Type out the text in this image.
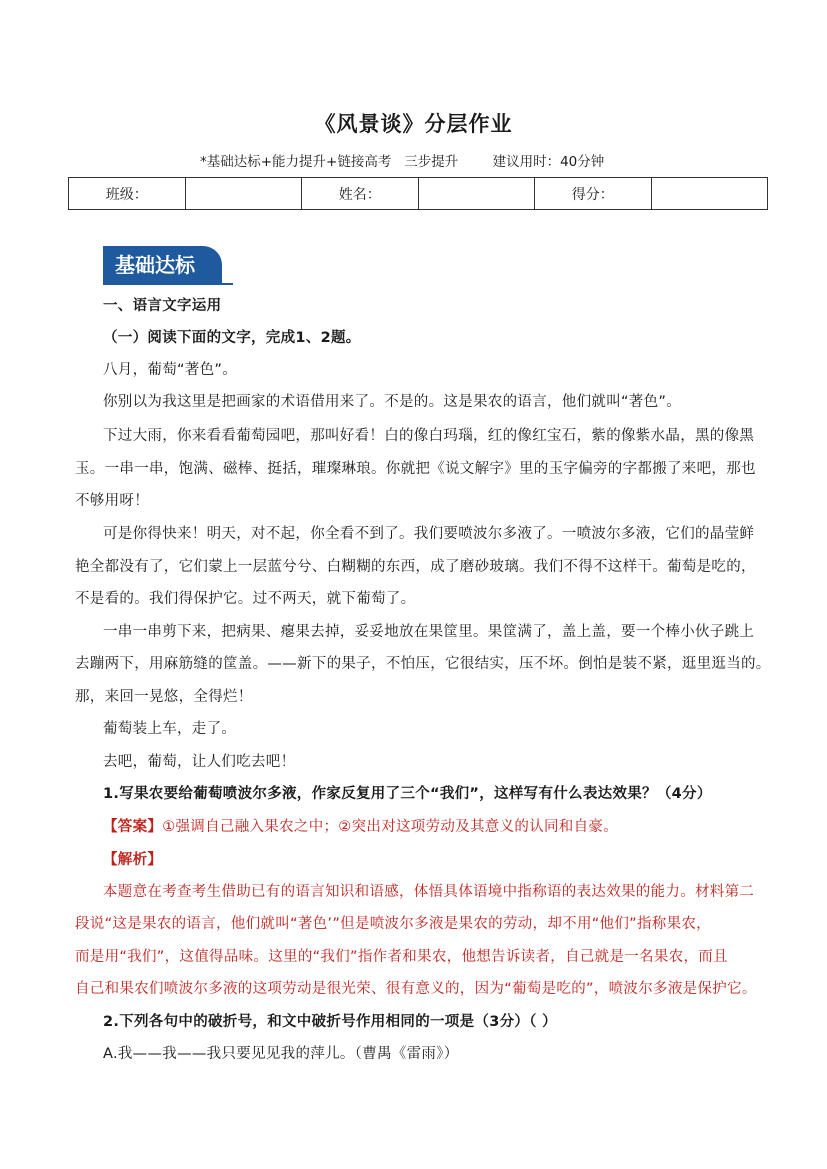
《风景谈》分层作业
*基础达标+能力提升+链接高考   三步提升        建议用时：40分钟
班级：		姓名：		得分：	
基础达标
一、语言文字运用
（一）阅读下面的文字，完成1、2题。
八月，葡萄“著色”。
你别以为我这里是把画家的术语借用来了。不是的。这是果农的语言，他们就叫“著色”。
下过大雨，你来看看葡萄园吧，那叫好看！白的像白玛瑙，红的像红宝石，紫的像紫水晶，黑的像黑
玉。一串一串，饱满、磁棒、挺括，璀璨琳琅。你就把《说文解字》里的玉字偏旁的字都搬了来吧，那也
不够用呀！
可是你得快来！明天，对不起，你全看不到了。我们要喷波尔多液了。一喷波尔多液，它们的晶莹鲜
艳全都没有了，它们蒙上一层蓝兮兮、白糊糊的东西，成了磨砂玻璃。我们不得不这样干。葡萄是吃的，
不是看的。我们得保护它。过不两天，就下葡萄了。
一串一串剪下来，把病果、瘪果去掉，妥妥地放在果筐里。果筐满了，盖上盖，要一个棒小伙子跳上
去蹦两下，用麻筋缝的筐盖。——新下的果子，不怕压，它很结实，压不坏。倒怕是装不紧，逛里逛当的。
那，来回一晃悠，全得烂！
葡萄装上车，走了。
去吧，葡萄，让人们吃去吧！
1.写果农要给葡萄喷波尔多液，作家反复用了三个“我们”，这样写有什么表达效果？（4分）
【答案】①强调自己融入果农之中；②突出对这项劳动及其意义的认同和自豪。
【解析】
本题意在考查考生借助已有的语言知识和语感，体悟具体语境中指称语的表达效果的能力。材料第二
段说“这是果农的语言，他们就叫“著色’”但是喷波尔多液是果农的劳动，却不用“他们”指称果农，
而是用“我们”，这值得品味。这里的“我们”指作者和果农，他想告诉读者，自己就是一名果农，而且
自己和果农们喷波尔多液的这项劳动是很光荣、很有意义的，因为“葡萄是吃的”，喷波尔多液是保护它。
2.下列各句中的破折号，和文中破折号作用相同的一项是（3分）（ ）
A.我——我——我只要见见我的萍儿。（曹禺《雷雨》）
